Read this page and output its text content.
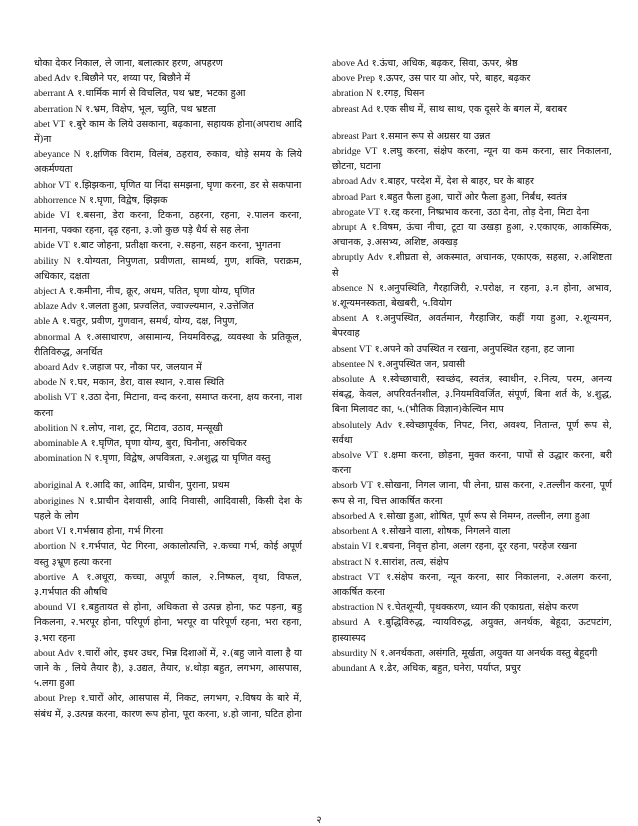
धोका देकर निकाल, ले जाना, बलात्कार हरण, अपहरण

abed Adv १.बिछौने पर, शय्या पर, बिछौने में

aberrant A १.धार्मिक मार्ग से विचलित, पथ भ्रष्ट, भटका हुआ

aberration N १.भ्रम, विक्षेप, भूल, च्युति, पथ भ्रष्टता

abet VT १.बुरे काम के लिये उसकाना, बढ़काना, सहायक होना(अपराध आदि में)ना

abeyance N १.क्षणिक विराम, विलंब, ठहराव, रुकाव, थोड़े समय के लिये अकर्मण्यता

abhor VT १.झिझकना, घृणित या निंदा समझना, घृणा करना, डर से सकपाना

abhorrence N १.घृणा, विद्वेष, झिझक

abide VI १.बसना, डेरा करना, टिकना, ठहरना, रहना, २.पालन करना, मानना, पक्का रहना, दृढ़ रहना, ३.जो कुछ पड़े धैर्य से सह लेना

abide VT १.बाट जोहना, प्रतीक्षा करना, २.सहना, सहन करना, भुगतना

ability N १.योग्यता, निपुणता, प्रवीणता, सामर्थ्य, गुण, शक्ति, पराक्रम, अधिकार, दक्षता

abject A १.कमीना, नीच, क्रूर, अधम, पतित, घृणा योग्य, घृणित

ablaze Adv १.जलता हुआ, प्रज्वलित, ज्वाज्ल्यमान, २.उत्तेजित

able A १.चतुर, प्रवीण, गुणवान, समर्थ, योग्य, दक्ष, निपुण,

abnormal A १.असाधारण, असामान्य, नियमविरुद्ध, व्यवस्था के प्रतिकूल, रीतिविरुद्ध, अनर्थित

aboard Adv १.जहाज पर, नौका पर, जलयान में

abode N १.घर, मकान, डेरा, वास स्थान, २.वास स्थिति

abolish VT १.उठा देना, मिटाना, वन्द करना, समाप्त करना, क्षय करना, नाश करना

abolition N १.लोप, नाश, टूट, मिटाव, उठाव, मन्सूखी

abominable A १.घृणित, घृणा योग्य, बुरा, घिनौना, अरुचिकर

abomination N १.घृणा, विद्वेष, अपवित्रता, २.अशुद्ध या घृणित वस्तु

aboriginal A १.आदि का, आदिम, प्राचीन, पुराना, प्रथम

aborigines N १.प्राचीन देशवासी, आदि निवासी, आदिवासी, किसी देश के पहले के लोग

abort VI १.गर्भस्राव होना, गर्भ गिरना

abortion N १.गर्भपात, पेट गिरना, अकालोत्पत्ति, २.कच्चा गर्भ, कोई अपूर्ण वस्तु ३भ्रूण हत्या करना

abortive A १.अधूरा, कच्चा, अपूर्ण काल, २.निष्फल, वृथा, विफल, ३.गर्भपात की औषधि

abound VI १.बहुतायत से होना, अधिकता से उत्पन्न होना, फट पड़ना, बहु निकलना, २.भरपूर होना, परिपूर्ण होना, भरपूर वा परिपूर्ण रहना, भरा रहना, ३.भरा रहना

about Adv १.चारों ओर, इधर उधर, भिन्न दिशाओं में, २.(बहु जाने वाला है या जाने के , लिये तैयार है), ३.उद्यत, तैयार, ४.थोड़ा बहुत, लगभग, आसपास, ५.लगा हुआ

about Prep १.चारों ओर, आसपास में, निकट, लगभग, २.विषय के बारे में, संबंध में, ३.उत्पन्न करना, कारण रूप होना, पूरा करना, ४.हो जाना, घटित होना

above Ad १.ऊंचा, अधिक, बढ़कर, सिवा, ऊपर, श्रेष्ठ

above Prep १.ऊपर, उस पार या ओर, परे, बाहर, बढ़कर

abration N १.रगड़, घिसन

abreast Ad १.एक सीध में, साथ साथ, एक दूसरे के बगल में, बराबर

abreast Part १.समान रूप से अग्रसर या उन्नत

abridge VT १.लघु करना, संक्षेप करना, न्यून या कम करना, सार निकालना, छोटना, घटाना

abroad Adv १.बाहर, परदेश में, देश से बाहर, घर के बाहर

abroad Part १.बहुत फैला हुआ, चारों ओर फैला हुआ, निर्बंध, स्वतंत्र

abrogate VT १.रद्द करना, निष्प्रभाव करना, उठा देना, तोड़ देना, मिटा देना

abrupt A १.विषम, ऊंचा नीचा, टूटा या उखड़ा हुआ, २.एकाएक, आकस्मिक, अचानक, ३.असभ्य, अशिष्ट, अक्खड़

abruptly Adv १.शीघ्रता से, अकस्मात, अचानक, एकाएक, सहसा, २.अशिष्टता से

absence N १.अनुपस्थिति, गैरहाजिरी, २.परोक्ष, न रहना, ३.न होना, अभाव, ४.शून्यमनस्कता, बेखबरी, ५.वियोग

absent A १.अनुपस्थित, अवर्तमान, गैरहाजिर, कहीं गया हुआ, २.शून्यमन, बेपरवाह

absent VT १.अपने को उपस्थित न रखना, अनुपस्थित रहना, हट जाना

absentee N १.अनुपस्थित जन, प्रवासी

absolute A १.स्वेच्छाचारी, स्वच्छंद, स्वतंत्र, स्वाधीन, २.नित्य, परम, अनन्य संबद्ध, केवल, अपरिवर्तनशील, ३.नियमविवर्जित, संपूर्ण, बिना शर्त के, ४.शुद्ध, बिना मिलावट का, ५.(भौतिक विज्ञान)केल्विन माप

absolutely Adv १.स्वेच्छापूर्वक, निपट, निरा, अवश्य, नितान्त, पूर्ण रूप से, सर्वथा

absolve VT १.क्षमा करना, छोड़ना, मुक्त करना, पापों से उद्धार करना, बरी करना

absorb VT १.सोखना, निगल जाना, पी लेना, ग्रास करना, २.तल्लीन करना, पूर्ण रूप से ना, चित्त आकर्षित करना

absorbed A १.सोखा हुआ, शोषित, पूर्ण रूप से निमग्न, तल्लीन, लगा हुआ

absorbent A १.सोखने वाला, शोषक, निगलने वाला

abstain VI १.बचना, निवृत्त होना, अलग रहना, दूर रहना, परहेज रखना

abstract N १.सारांश, तत्व, संक्षेप

abstract VT १.संक्षेप करना, न्यून करना, सार निकालना, २.अलग करना, आकर्षित करना

abstraction N १.चेतशून्यी, पृथक्करण, ध्यान की एकाग्रता, संक्षेप करण

absurd A १.बुद्धिविरुद्ध, न्यायविरुद्ध, अयुक्त, अनर्थक, बेहूदा, ऊटपटांग, हास्यास्पद

absurdity N १.अनर्थकता, असंगति, मूर्खता, अयुक्त या अनर्थक वस्तु बेहूदगी

abundant A १.ढेर, अधिक, बहुत, घनेरा, पर्याप्त, प्रचुर

२
